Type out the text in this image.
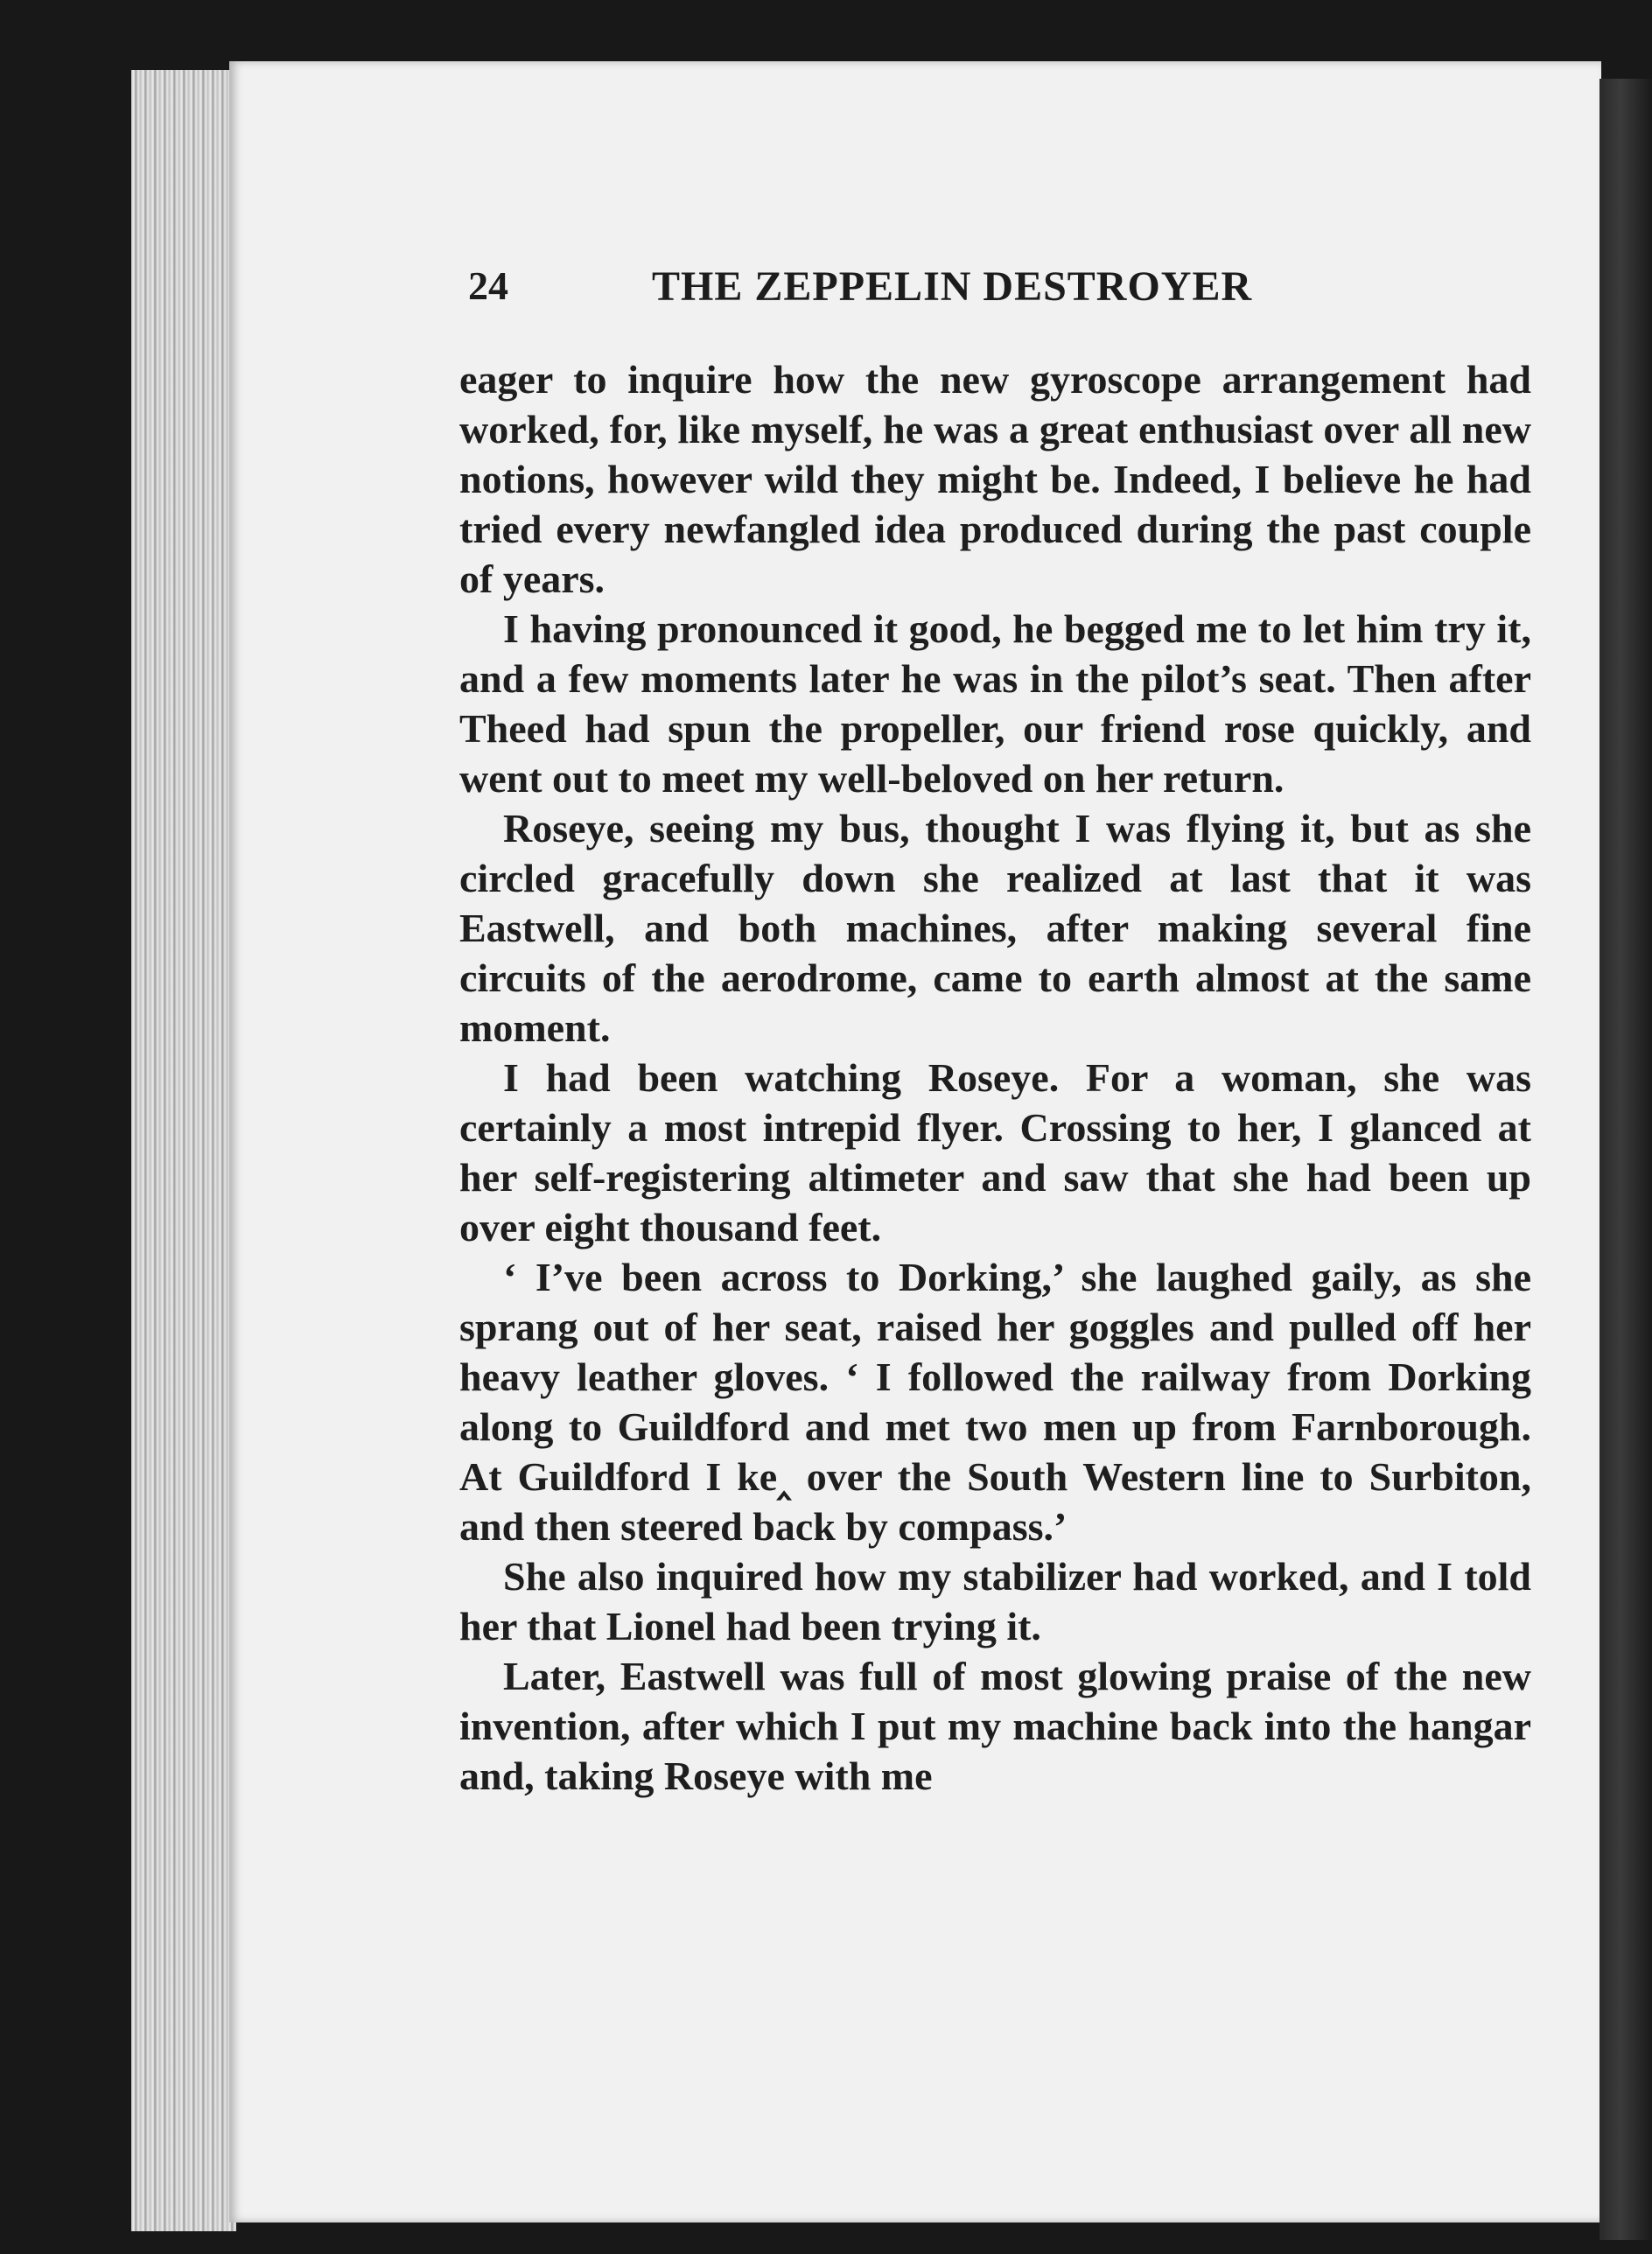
24	THE ZEPPELIN DESTROYER

eager to inquire how the new gyroscope arrangement had worked, for, like myself, he was a great enthusiast over all new notions, however wild they might be. Indeed, I believe he had tried every newfangled idea produced during the past couple of years.

I having pronounced it good, he begged me to let him try it, and a few moments later he was in the pilot’s seat. Then after Theed had spun the propeller, our friend rose quickly, and went out to meet my well-beloved on her return.

Roseye, seeing my bus, thought I was flying it, but as she circled gracefully down she realized at last that it was Eastwell, and both machines, after making several fine circuits of the aerodrome, came to earth almost at the same moment.

I had been watching Roseye. For a woman, she was certainly a most intrepid flyer. Crossing to her, I glanced at her self-registering altimeter and saw that she had been up over eight thousand feet.

‘ I’ve been across to Dorking,’ she laughed gaily, as she sprang out of her seat, raised her goggles and pulled off her heavy leather gloves. ‘ I followed the railway from Dorking along to Guildford and met two men up from Farnborough. At Guildford I ke‸ over the South Western line to Surbiton, and then steered back by compass.’

She also inquired how my stabilizer had worked, and I told her that Lionel had been trying it.

Later, Eastwell was full of most glowing praise of the new invention, after which I put my machine back into the hangar and, taking Roseye with me
